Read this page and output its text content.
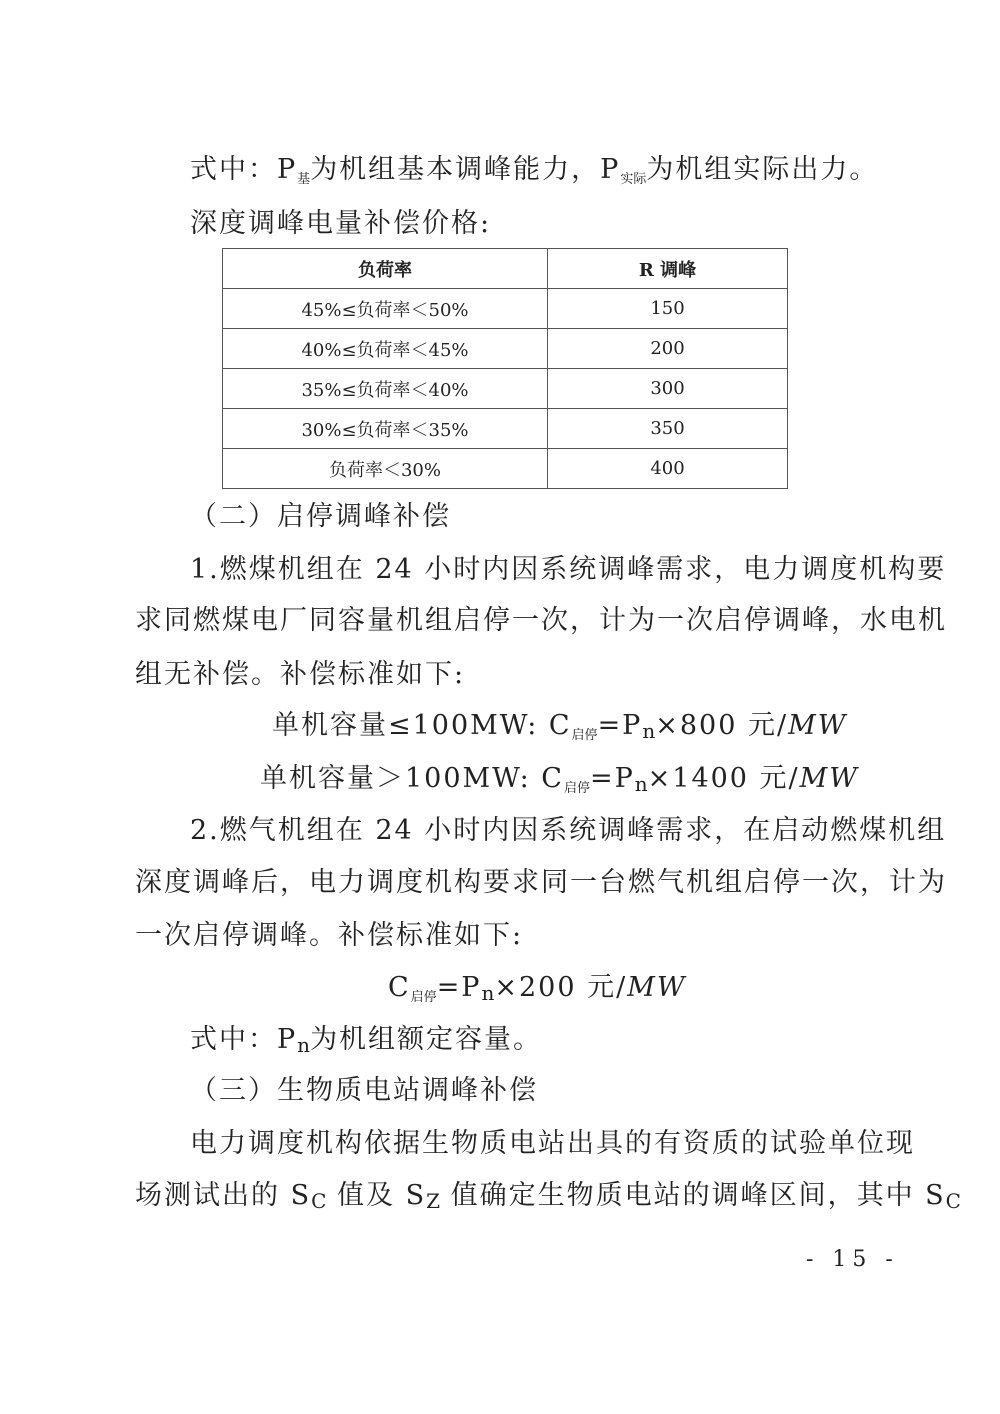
式中：P基为机组基本调峰能力，P实际为机组实际出力。
深度调峰电量补偿价格:
负荷率	R 调峰
45%≤负荷率＜50%	150
40%≤负荷率＜45%	200
35%≤负荷率＜40%	300
30%≤负荷率＜35%	350
负荷率＜30%	400
（二）启停调峰补偿
1.燃煤机组在 24 小时内因系统调峰需求，电力调度机构要
求同燃煤电厂同容量机组启停一次，计为一次启停调峰，水电机
组无补偿。补偿标准如下:
单机容量≤100MW: C启停=Pn×800 元/MW
单机容量＞100MW: C启停=Pn×1400 元/MW
2.燃气机组在 24 小时内因系统调峰需求，在启动燃煤机组
深度调峰后，电力调度机构要求同一台燃气机组启停一次，计为
一次启停调峰。补偿标准如下:
C启停=Pn×200 元/MW
式中：Pn为机组额定容量。
（三）生物质电站调峰补偿
电力调度机构依据生物质电站出具的有资质的试验单位现
场测试出的 SC 值及 SZ 值确定生物质电站的调峰区间，其中 SC
- 15 -
